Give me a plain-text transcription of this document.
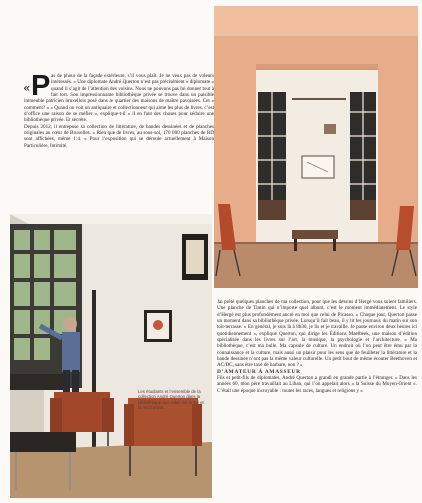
« P as de photo de la façade extérieure, s’il vous plaît. Je ne veux pas de voleurs intéressés. » Une diplomate André Querton n’est pas précisément « diplomate » quand il s’agit de l’attention des voisins. Nous ne pouvons pas lui donner tout à fait tort. Son impressionnante bibliothèque privée se trouve dans un paisible immeuble patricien bruxellois posé dans le quartier des maisons de maître pavoisées. Cet « comment? » « Quand on voit un antiquaire et collectionneur qui aime les plus de livres, c’est d’office une raison de se méfier », explique-t-il « il en faut des choses pour séduire une bibliothèque privée. Et secrète.

Depuis 2012, il entrepose sa collection de littérature, de bandes dessinées et de planches originales au cœur de Bruxelles. « Rien que de livres, au sous-sol, 170 000 planches de BD sont affichées, même 1:4. » Pour l’exposition qui se déroule actuellement à Maison Particulière, Intimité.

Les étudiants et l’ensemble de la collection André Querton dans la bibliothèque aux vides sur le sol et la mezzanine.

Jai prêté quelques planches de ma collection, pour que les dessins d’Hergé vous soient familiers. Une planche de Tintin qui n’importe quel album, c’est le moment immédiatement. Le style d’Hergé est plus profondément ancré en moi que celui de Picasso. » Chaque jour, Querton passe un moment dans sa bibliothèque privée. Lorsqu’il fait beau, il y lit les journaux du matin sur son toit-terrasse. « En général, je suis là à 8h30, je lis et je travaille. Je passe environ deux heures ici quotidiennement », explique Querton, qui dirige les Éditions Maelbeek, une maison d’édition spécialisée dans les livres sur l’art, la musique, la psychologie et l’architecture. « Ma bibliothèque, c’est ma bulle. Ma capsule de culture. Un endroit où l’on peut être ému par la connaissance et la culture, mais aussi un plaisir pour les sens que de feuilleter la littérature et la bande dessinée n’ont pas la même valeur culturelle. Un petit bout de même écouter Beethoven et AC/DC, sans être taxé de barbare, non ? »

D’AMATEUR À AMASSEUR

Fils et petit-fils de diplomates, André Querton a grandi en grande partie à l’étranger. « Dans les années 60, mon père travaillait au Liban, qui l’on appelait alors « la Suisse du Moyen-Orient ». C’était une époque incroyable : toutes les races, langues et religions y »
